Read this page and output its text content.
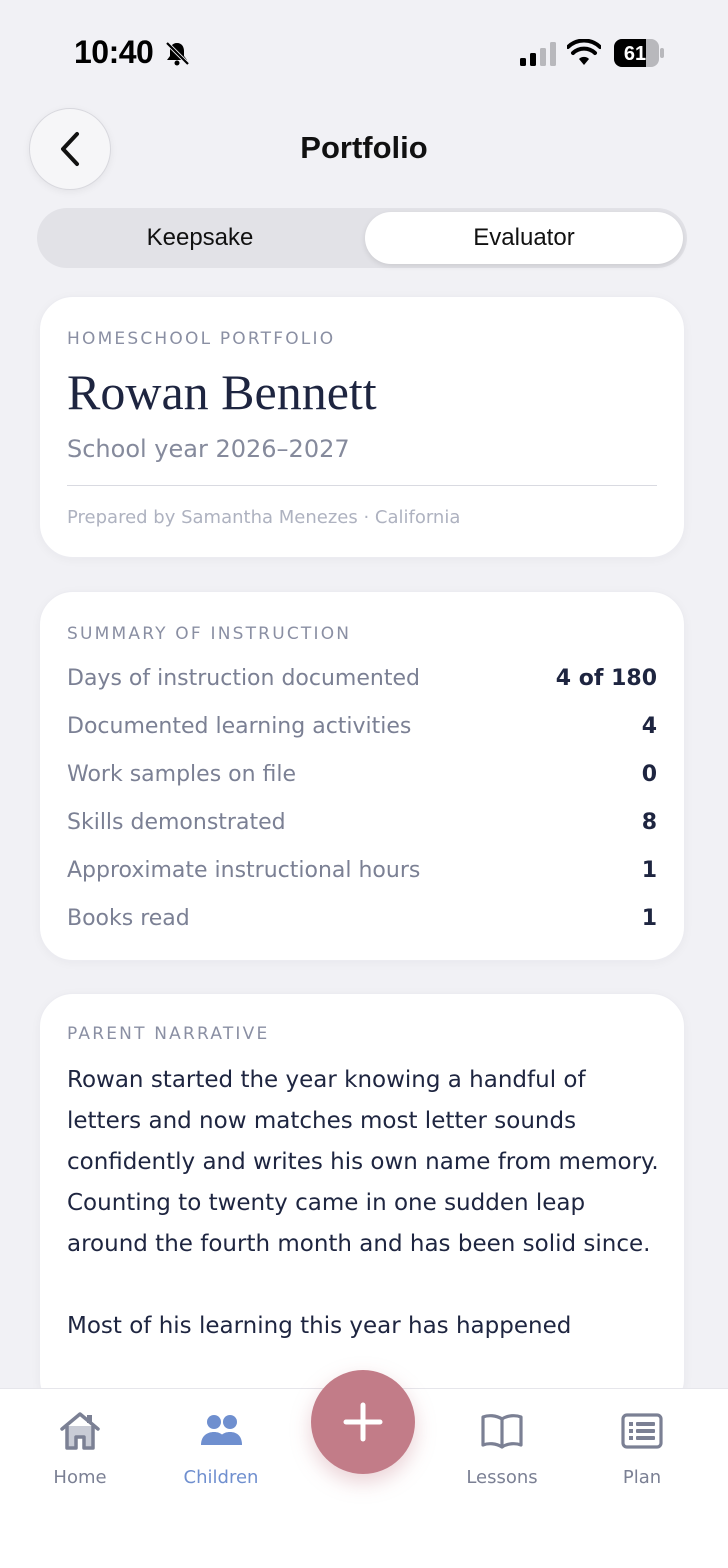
10:40	61
Portfolio
Keepsake	Evaluator
HOMESCHOOL PORTFOLIO
Rowan Bennett
School year 2026–2027
Prepared by Samantha Menezes · California
SUMMARY OF INSTRUCTION
Days of instruction documented	4 of 180
Documented learning activities	4
Work samples on file	0
Skills demonstrated	8
Approximate instructional hours	1
Books read	1
PARENT NARRATIVE

Rowan started the year knowing a handful of letters and now matches most letter sounds confidently and writes his own name from memory. Counting to twenty came in one sudden leap around the fourth month and has been solid since.

Most of his learning this year has happened

Home	Children	Lessons	Plan
